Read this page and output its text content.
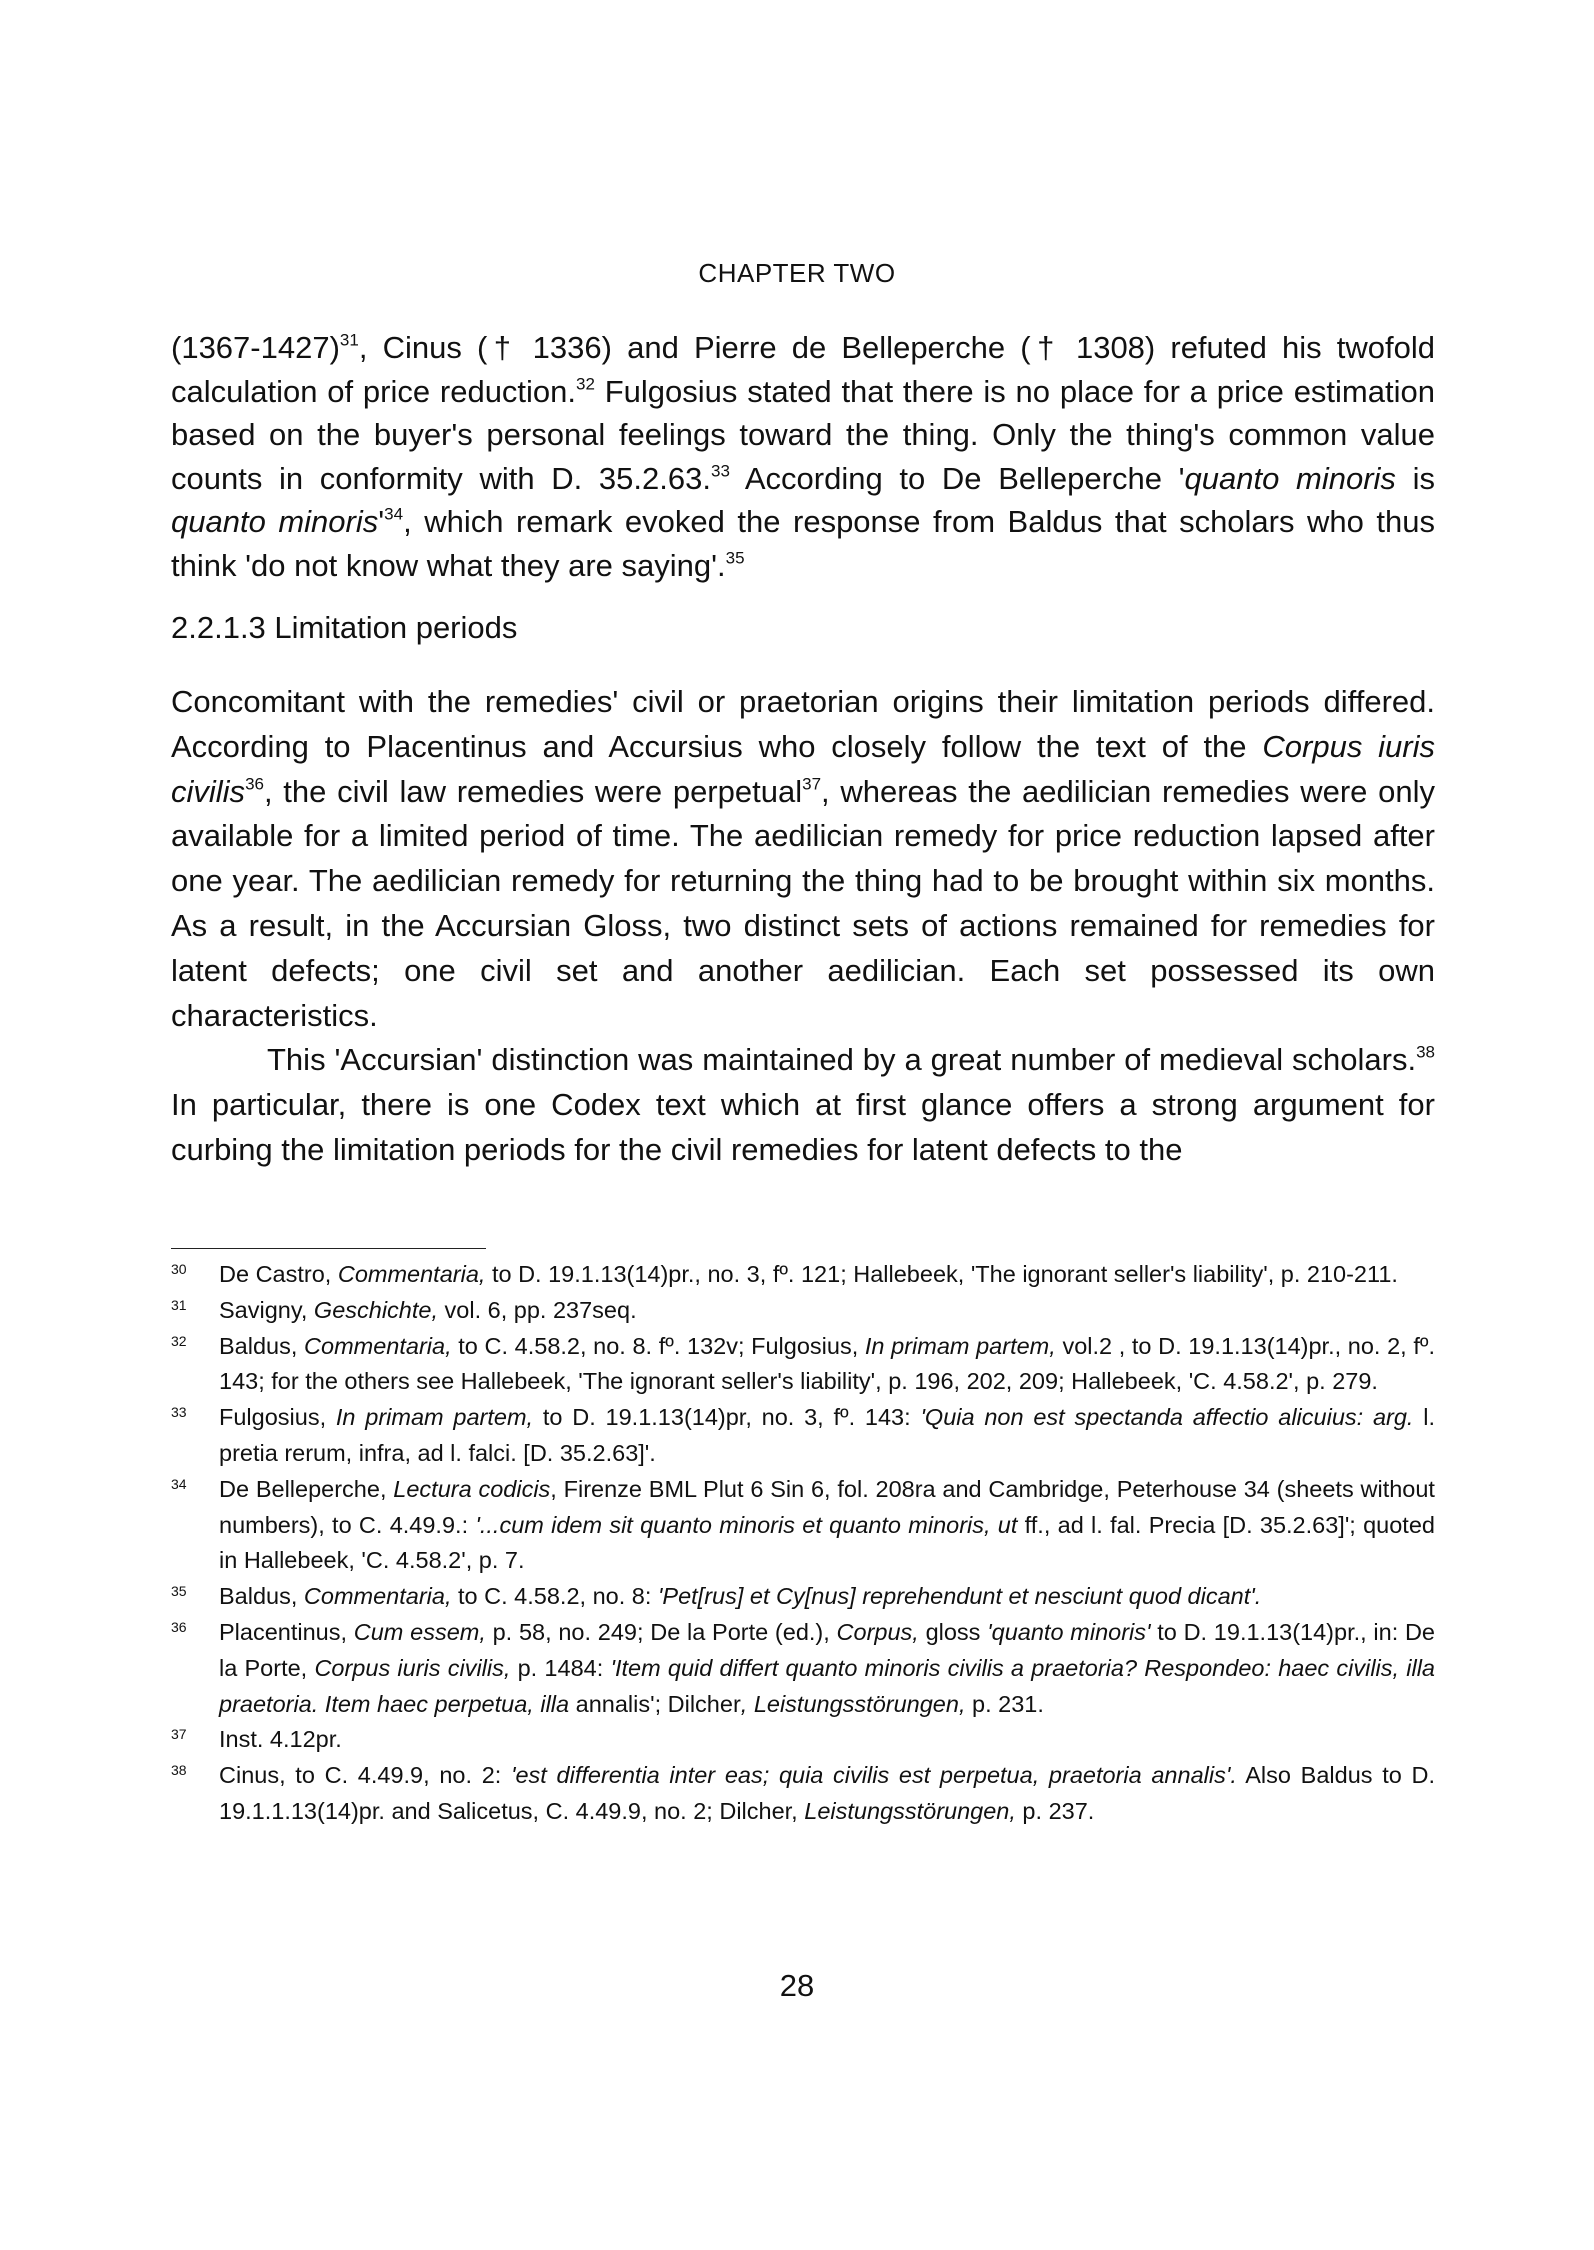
CHAPTER TWO
(1367-1427)$^{31}$, Cinus († 1336) and Pierre de Belleperche († 1308) refuted his twofold calculation of price reduction.$^{32}$ Fulgosius stated that there is no place for a price estimation based on the buyer's personal feelings toward the thing. Only the thing's common value counts in conformity with D. 35.2.63.33 According to De Belleperche 'quanto minoris is quanto $minoris'^{34}$, which remark evoked the response from Baldus that scholars who thus think 'do not know what they are saying'.$^{35}$
2.2.1.3 Limitation periods
Concomitant with the remedies' civil or praetorian origins their limitation periods differed. According to Placentinus and Accursius who closely follow the text of the Corpus iuris civilis$^{36}$, the civil law remedies were perpetual$^{37}$, whereas the aedilician remedies were only available for a limited period of time. The aedilician remedy for price reduction lapsed after one year. The aedilician remedy for returning the thing had to be brought within six months. As a result, in the Accursian Gloss, two distinct sets of actions remained for remedies for latent defects; one civil set and another aedilician. Each set possessed its own characteristics.
This 'Accursian' distinction was maintained by a great number of medieval scholars.$^{38}$ In particular, there is one Codex text which at first glance offers a strong argument for curbing the limitation periods for the civil remedies for latent defects to the
30 De Castro, Commentaria, to D. 19.1.13(14)pr., no. 3, fº. 121; Hallebeek, 'The ignorant seller's liability', p. 210-211.
31 Savigny, Geschichte, vol. 6, pp. 237seq.
32 Baldus, Commentaria, to C. 4.58.2, no. 8. fº. 132v; Fulgosius, In primam partem, vol.2 , to D. 19.1.13(14)pr., no. 2, fº. 143; for the others see Hallebeek, 'The ignorant seller's liability', p. 196, 202, 209; Hallebeek, 'C. 4.58.2', p. 279.
33 Fulgosius, In primam partem, to D. 19.1.13(14)pr, no. 3, fº. 143: 'Quia non est spectanda affectio alicuius: arg. l. pretia rerum, infra, ad l. falci. [D. 35.2.63]'.
34 De Belleperche, Lectura codicis, Firenze BML Plut 6 Sin 6, fol. 208ra and Cambridge, Peterhouse 34 (sheets without numbers), to C. 4.49.9.: '...cum idem sit quanto minoris et quanto minoris, ut ff., ad l. fal. Precia [D. 35.2.63]'; quoted in Hallebeek, 'C. 4.58.2', p. 7.
35 Baldus, Commentaria, to C. 4.58.2, no. 8: 'Pet[rus] et Cy[nus] reprehendunt et nesciunt quod dicant'.
36 Placentinus, Cum essem, p. 58, no. 249; De la Porte (ed.), Corpus, gloss 'quanto minoris' to D. 19.1.13(14)pr., in: De la Porte, Corpus iuris civilis, p. 1484: 'Item quid differt quanto minoris civilis a praetoria? Respondeo: haec civilis, illa praetoria. Item haec perpetua, illa annalis'; Dilcher, Leistungsstörungen, p. 231.
37 Inst. 4.12pr.
38 Cinus, to C. 4.49.9, no. 2: 'est differentia inter eas; quia civilis est perpetua, praetoria annalis'. Also Baldus to D. 19.1.1.13(14)pr. and Salicetus, C. 4.49.9, no. 2; Dilcher, Leistungsstörungen, p. 237.
28
